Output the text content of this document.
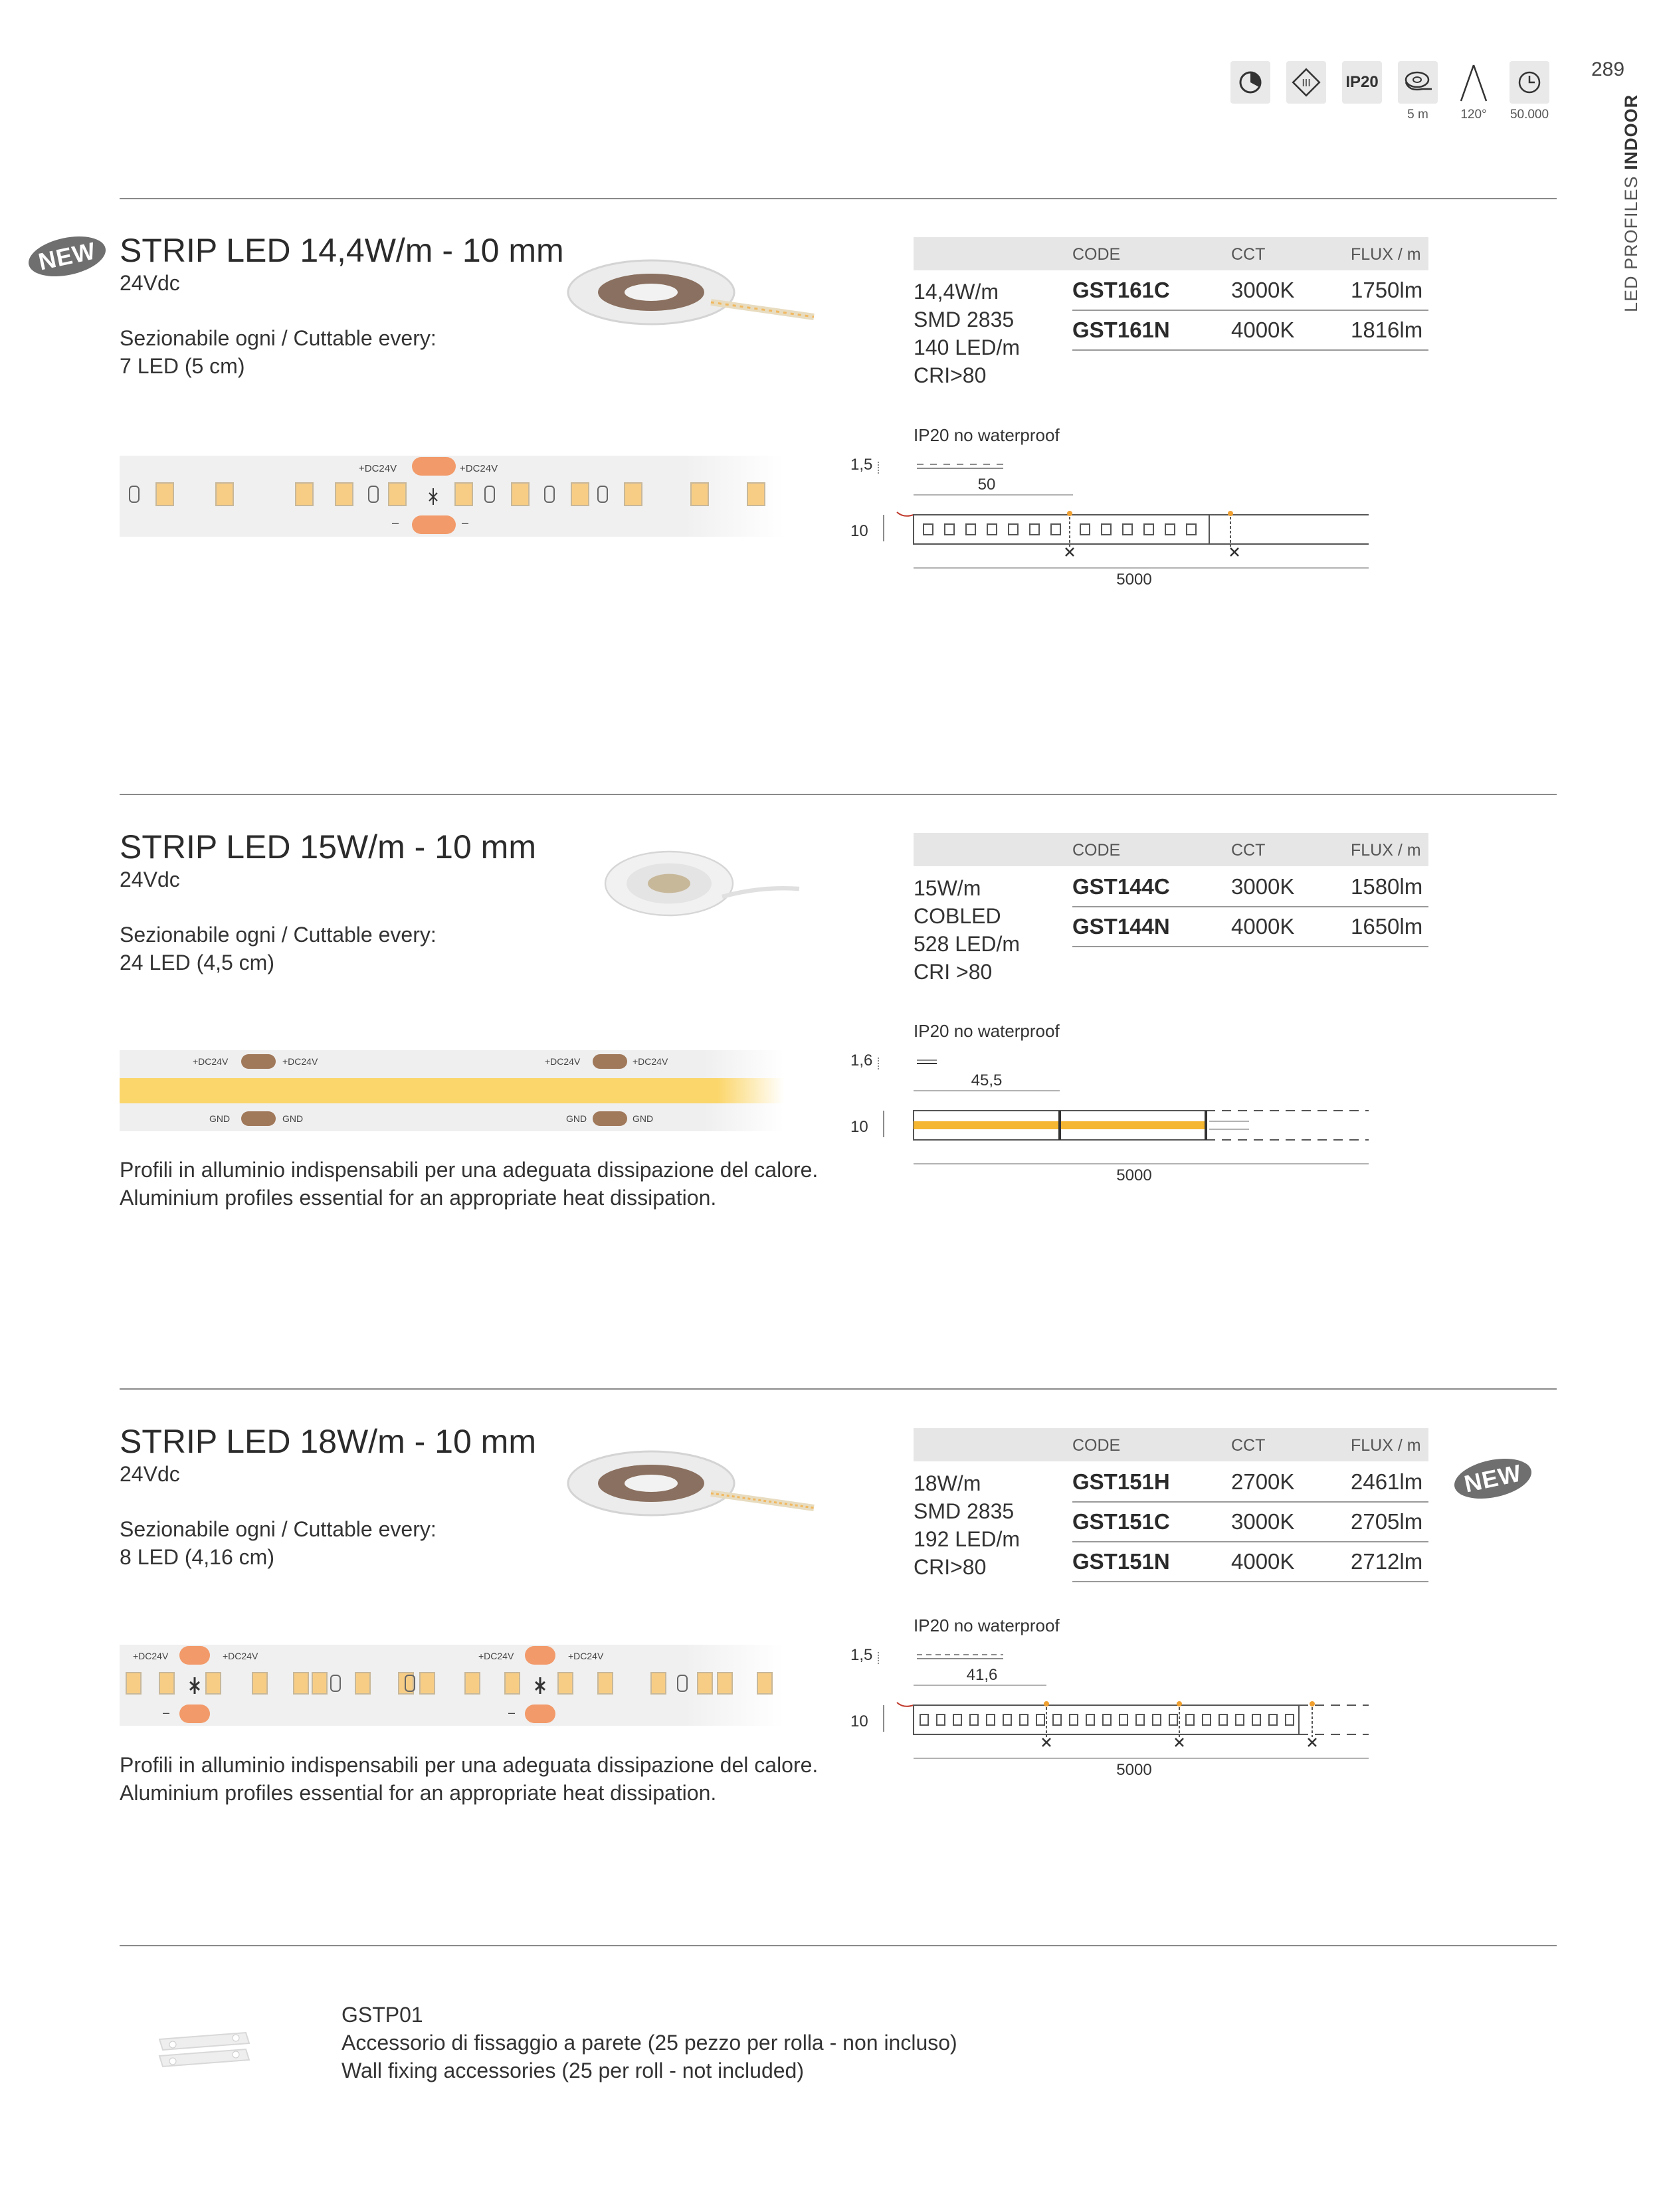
289
LED PROFILES INDOOR
III IP20
5 m	120°	50.000
NEW STRIP LED 14,4W/m - 10 mm
24Vdc
Sezionabile ogni / Cuttable every:
7 LED (5 cm)
CODE	CCT	FLUX / m
14,4W/m
SMD 2835
140 LED/m
CRI>80
GST161C	3000K	1750lm
GST161N	4000K	1816lm
+DC24V	+DC24V
–	–
IP20 no waterproof
1,5
50
10
5000
STRIP LED 15W/m - 10 mm
24Vdc
Sezionabile ogni / Cuttable every:
24 LED (4,5 cm)
CODE	CCT	FLUX / m
15W/m
COBLED
528 LED/m
CRI >80
GST144C	3000K	1580lm
GST144N	4000K	1650lm
+DC24V	+DC24V	+DC24V	+DC24V
GND	GND	GND	GND
Profili in alluminio indispensabili per una adeguata dissipazione del calore.
Aluminium profiles essential for an appropriate heat dissipation.
IP20 no waterproof
1,6
45,5
10
5000
STRIP LED 18W/m - 10 mm
24Vdc
Sezionabile ogni / Cuttable every:
8 LED (4,16 cm)
NEW
CODE	CCT	FLUX / m
18W/m
SMD 2835
192 LED/m
CRI>80
GST151H	2700K	2461lm
GST151C	3000K	2705lm
GST151N	4000K	2712lm
+DC24V	+DC24V	+DC24V	+DC24V
–	–
Profili in alluminio indispensabili per una adeguata dissipazione del calore.
Aluminium profiles essential for an appropriate heat dissipation.
IP20 no waterproof
1,5
41,6
10
5000
GSTP01
Accessorio di fissaggio a parete (25 pezzo per rolla - non incluso)
Wall fixing accessories (25 per roll - not included)
